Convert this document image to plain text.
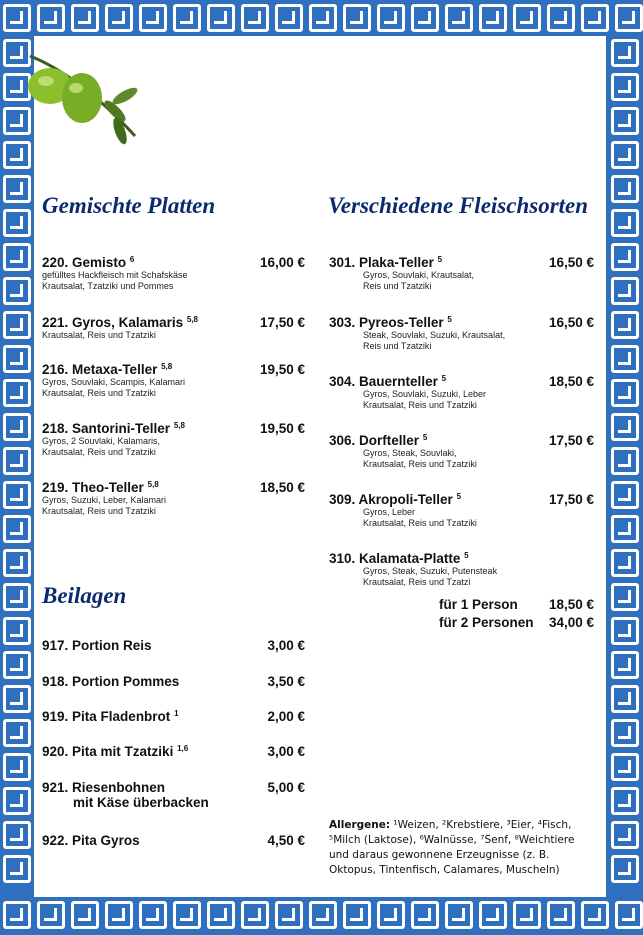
Gemischte Platten	Verschiedene Fleischsorten
Beilagen
220. Gemisto $^6$
gefülltes Hackfleisch mit Schafskäse
Krautsalat, Tzatziki und Pommes
16,00 €
221. Gyros, Kalamaris $^{5,8}$
Krautsalat, Reis und Tzatziki
17,50 €
216. Metaxa-Teller $^{5,8}$
Gyros, Souvlaki, Scampis, Kalamari
Krautsalat, Reis und Tzatziki
19,50 €
218. Santorini-Teller $^{5,8}$
Gyros, 2 Souvlaki, Kalamaris,
Krautsalat, Reis und Tzatziki
19,50 €
219. Theo-Teller $^{5,8}$
Gyros, Suzuki, Leber, Kalamari
Krautsalat, Reis und Tzatziki
18,50 €
301. Plaka-Teller $^5$
Gyros, Souvlaki, Krautsalat,
Reis und Tzatziki
16,50 €
303. Pyreos-Teller $^5$
Steak, Souvlaki, Suzuki, Krautsalat,
Reis und Tzatziki
16,50 €
304. Bauernteller $^5$
Gyros, Souvlaki, Suzuki, Leber
Krautsalat, Reis und Tzatziki
18,50 €
306. Dorfteller $^5$
Gyros, Steak, Souvlaki,
Krautsalat, Reis und Tzatziki
17,50 €
309. Akropoli-Teller $^5$
Gyros, Leber
Krautsalat, Reis und Tzatziki
17,50 €
310. Kalamata-Platte $^5$
Gyros, Steak, Suzuki, Putensteak
Krautsalat, Reis und Tzatzi
917. Portion Reis	3,00 €
918. Portion Pommes	3,50 €
919. Pita Fladenbrot $^1$	2,00 €
920. Pita mit Tzatziki $^{1,6}$	3,00 €
921. Riesenbohnen
mit Käse überbacken
5,00 €
922. Pita Gyros	4,50 €
für 1 Person	18,50 €
für 2 Personen	34,00 €
Allergene: ¹Weizen, ²Krebstiere, ³Eier, ⁴Fisch, ⁵Milch (Laktose), ⁶Walnüsse, ⁷Senf, ⁸Weichtiere und daraus gewonnene Erzeugnisse (z. B. Oktopus, Tintenfisch, Calamares, Muscheln)
